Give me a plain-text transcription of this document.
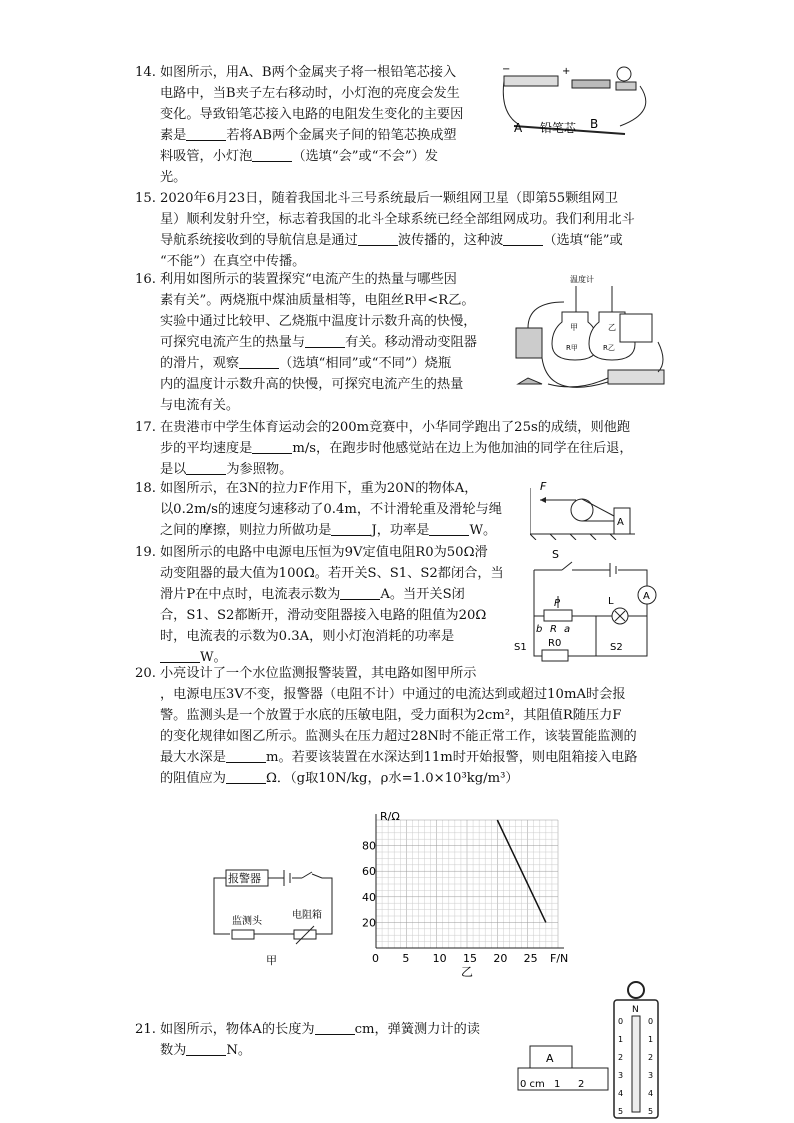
14. 如图所示，用A、B两个金属夹子将一根铅笔芯接入
电路中，当B夹子左右移动时，小灯泡的亮度会发生
变化。导致铅笔芯接入电路的电阻发生变化的主要因
素是	若将AB两个金属夹子间的铅笔芯换成塑
料吸管，小灯泡	（选填“会”或“不会”）发
光。
15. 2020年6月23日，随着我国北斗三号系统最后一颗组网卫星（即第55颗组网卫
星）顺利发射升空，标志着我国的北斗全球系统已经全部组网成功。我们利用北斗
导航系统接收到的导航信息是通过	波传播的，这种波	（选填“能”或
“不能”）在真空中传播。
16. 利用如图所示的装置探究“电流产生的热量与哪些因
素有关”。两烧瓶中煤油质量相等，电阻丝R甲<R乙。
实验中通过比较甲、乙烧瓶中温度计示数升高的快慢，
可探究电流产生的热量与	有关。移动滑动变阻器
的滑片，观察	（选填“相同”或“不同”）烧瓶
内的温度计示数升高的快慢，可探究电流产生的热量
与电流有关。
17. 在贵港市中学生体育运动会的200m竞赛中，小华同学跑出了25s的成绩，则他跑
步的平均速度是	m/s，在跑步时他感觉站在边上为他加油的同学在往后退，
是以	为参照物。
18. 如图所示，在3N的拉力F作用下，重为20N的物体A，
以0.2m/s的速度匀速移动了0.4m，不计滑轮重及滑轮与绳
之间的摩擦，则拉力所做功是	J，功率是	W。
19. 如图所示的电路中电源电压恒为9V定值电阻R0为50Ω滑
动变阻器的最大值为100Ω。若开关S、S1、S2都闭合，当
滑片P在中点时，电流表示数为	A。当开关S闭
合，S1、S2都断开，滑动变阻器接入电路的阻值为20Ω
时，电流表的示数为0.3A，则小灯泡消耗的功率是
W。
20. 小亮设计了一个水位监测报警装置，其电路如图甲所示
，电源电压3V不变，报警器（电阻不计）中通过的电流达到或超过10mA时会报
警。监测头是一个放置于水底的压敏电阻，受力面积为2cm²，其阻值R随压力F
的变化规律如图乙所示。监测头在压力超过28N时不能正常工作，该装置能监测的
最大水深是	m。若要该装置在水深达到11m时开始报警，则电阻箱接入电路
的阻值应为	Ω．（g取10N/kg，ρ水=1.0×10³kg/m³）
21. 如图所示，物体A的长度为	cm，弹簧测力计的读
数为	N。
−	+
A 铅笔芯 B
温度计
甲	乙
R甲	R乙
F
A
S
A
L
P
b R a
S1 R0	S2
报警器
监测头
电阻箱
甲	0 5 10 15 20 25
20
40
60
80
F/N
R/Ω
乙
A
0 cm 1 2
N
0	0
1	1
2	2
3	3
4	4
5	5
